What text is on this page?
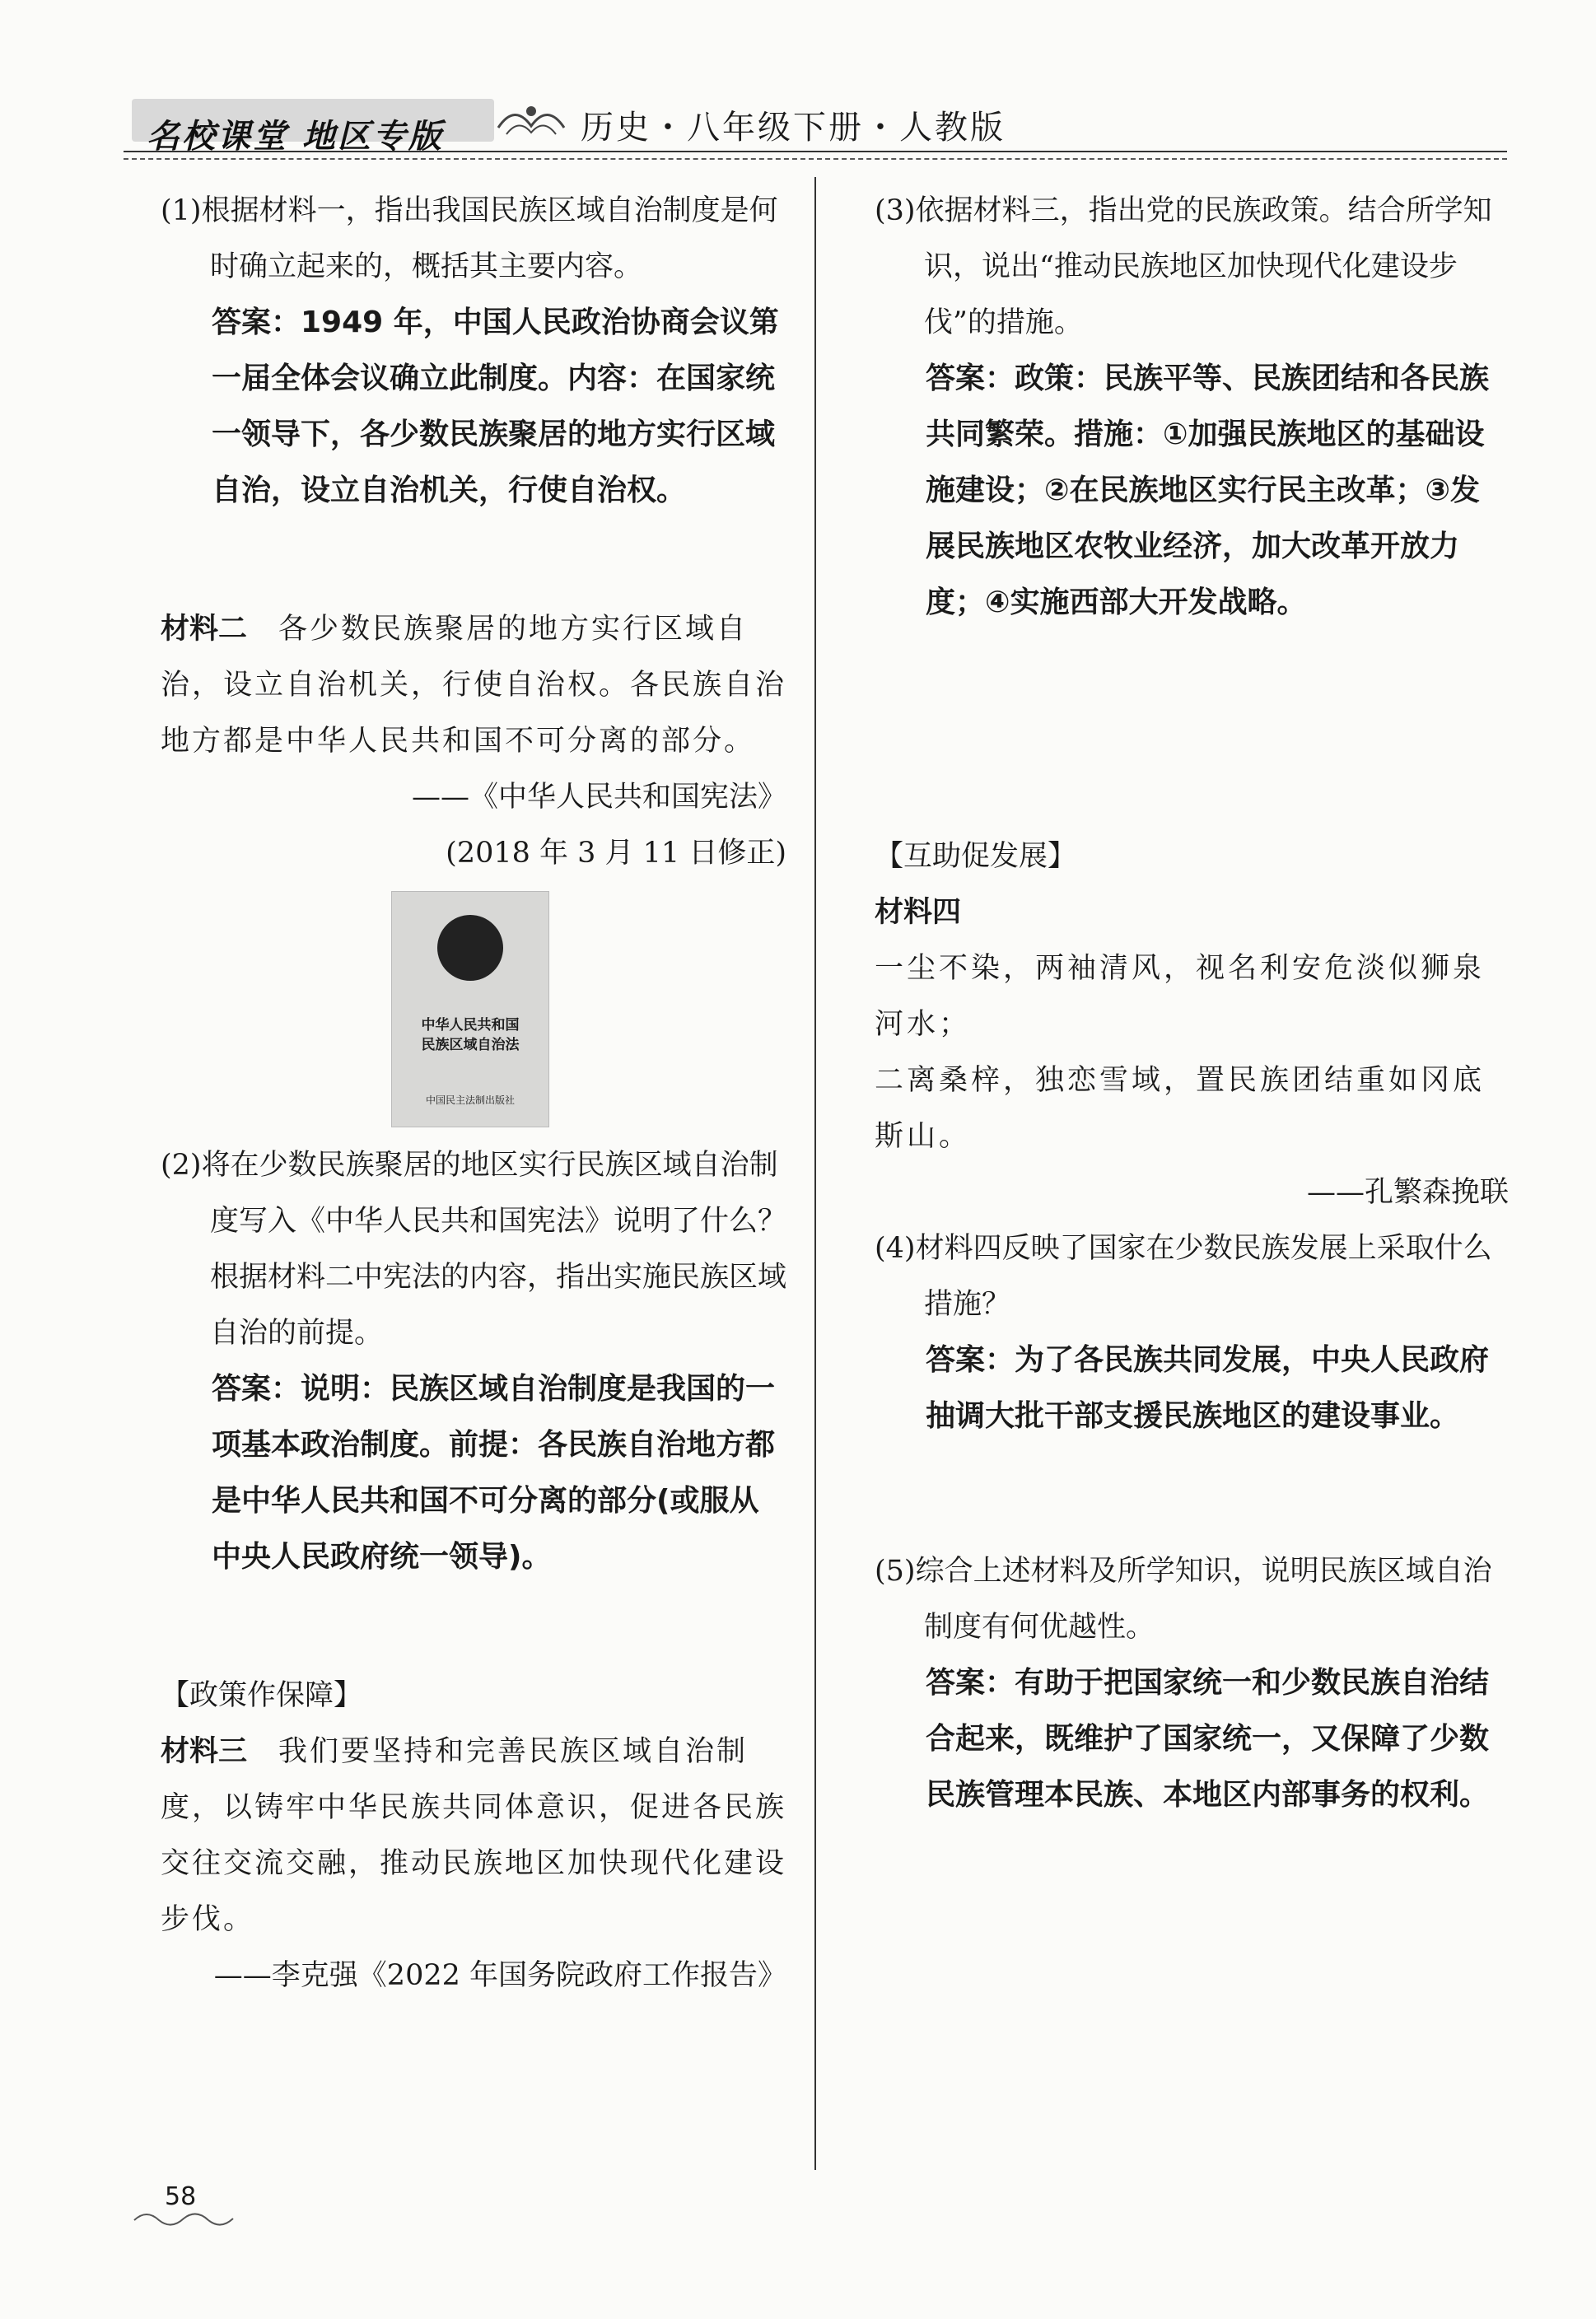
名校课堂 地区专版	历史・八年级下册・人教版

(1)根据材料一，指出我国民族区域自治制度是何时确立起来的，概括其主要内容。

答案：1949 年，中国人民政治协商会议第一届全体会议确立此制度。内容：在国家统一领导下，各少数民族聚居的地方实行区域自治，设立自治机关，行使自治权。

材料二 各少数民族聚居的地方实行区域自治，设立自治机关，行使自治权。各民族自治地方都是中华人民共和国不可分离的部分。

——《中华人民共和国宪法》

(2018 年 3 月 11 日修正)

中华人民共和国
民族区域自治法
中国民主法制出版社

(2)将在少数民族聚居的地区实行民族区域自治制度写入《中华人民共和国宪法》说明了什么？根据材料二中宪法的内容，指出实施民族区域自治的前提。

答案：说明：民族区域自治制度是我国的一项基本政治制度。前提：各民族自治地方都是中华人民共和国不可分离的部分(或服从中央人民政府统一领导)。

【政策作保障】

材料三 我们要坚持和完善民族区域自治制度，以铸牢中华民族共同体意识，促进各民族交往交流交融，推动民族地区加快现代化建设步伐。

——李克强《2022 年国务院政府工作报告》

(3)依据材料三，指出党的民族政策。结合所学知识，说出“推动民族地区加快现代化建设步伐”的措施。

答案：政策：民族平等、民族团结和各民族共同繁荣。措施：①加强民族地区的基础设施建设；②在民族地区实行民主改革；③发展民族地区农牧业经济，加大改革开放力度；④实施西部大开发战略。

【互助促发展】

材料四

一尘不染，两袖清风，视名利安危淡似狮泉河水；

二离桑梓，独恋雪域，置民族团结重如冈底斯山。

——孔繁森挽联

(4)材料四反映了国家在少数民族发展上采取什么措施？

答案：为了各民族共同发展，中央人民政府抽调大批干部支援民族地区的建设事业。

(5)综合上述材料及所学知识，说明民族区域自治制度有何优越性。

答案：有助于把国家统一和少数民族自治结合起来，既维护了国家统一，又保障了少数民族管理本民族、本地区内部事务的权利。

58
